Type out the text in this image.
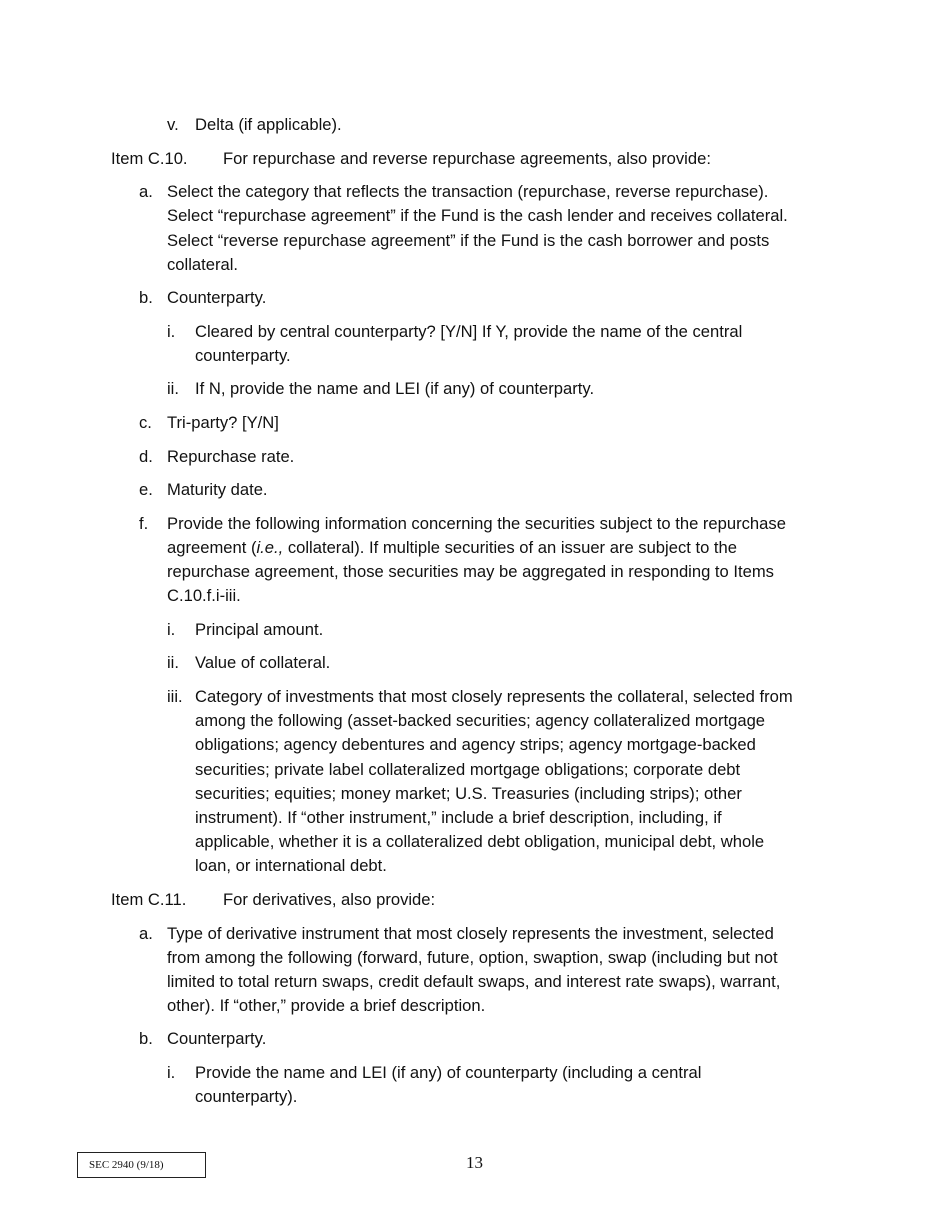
v. Delta (if applicable).
Item C.10. For repurchase and reverse repurchase agreements, also provide:
a. Select the category that reflects the transaction (repurchase, reverse repurchase).
Select “repurchase agreement” if the Fund is the cash lender and receives collateral.
Select “reverse repurchase agreement” if the Fund is the cash borrower and posts
collateral.
b. Counterparty.
i. Cleared by central counterparty? [Y/N] If Y, provide the name of the central
counterparty.
ii. If N, provide the name and LEI (if any) of counterparty.
c. Tri-party? [Y/N]
d. Repurchase rate.
e. Maturity date.
f. Provide the following information concerning the securities subject to the repurchase
agreement (i.e., collateral). If multiple securities of an issuer are subject to the
repurchase agreement, those securities may be aggregated in responding to Items
C.10.f.i-iii.
i. Principal amount.
ii. Value of collateral.
iii. Category of investments that most closely represents the collateral, selected from
among the following (asset-backed securities; agency collateralized mortgage
obligations; agency debentures and agency strips; agency mortgage-backed
securities; private label collateralized mortgage obligations; corporate debt
securities; equities; money market; U.S. Treasuries (including strips); other
instrument). If “other instrument,” include a brief description, including, if
applicable, whether it is a collateralized debt obligation, municipal debt, whole
loan, or international debt.
Item C.11. For derivatives, also provide:
a. Type of derivative instrument that most closely represents the investment, selected
from among the following (forward, future, option, swaption, swap (including but not
limited to total return swaps, credit default swaps, and interest rate swaps), warrant,
other). If “other,” provide a brief description.
b. Counterparty.
i. Provide the name and LEI (if any) of counterparty (including a central
counterparty).
SEC 2940 (9/18)	13
